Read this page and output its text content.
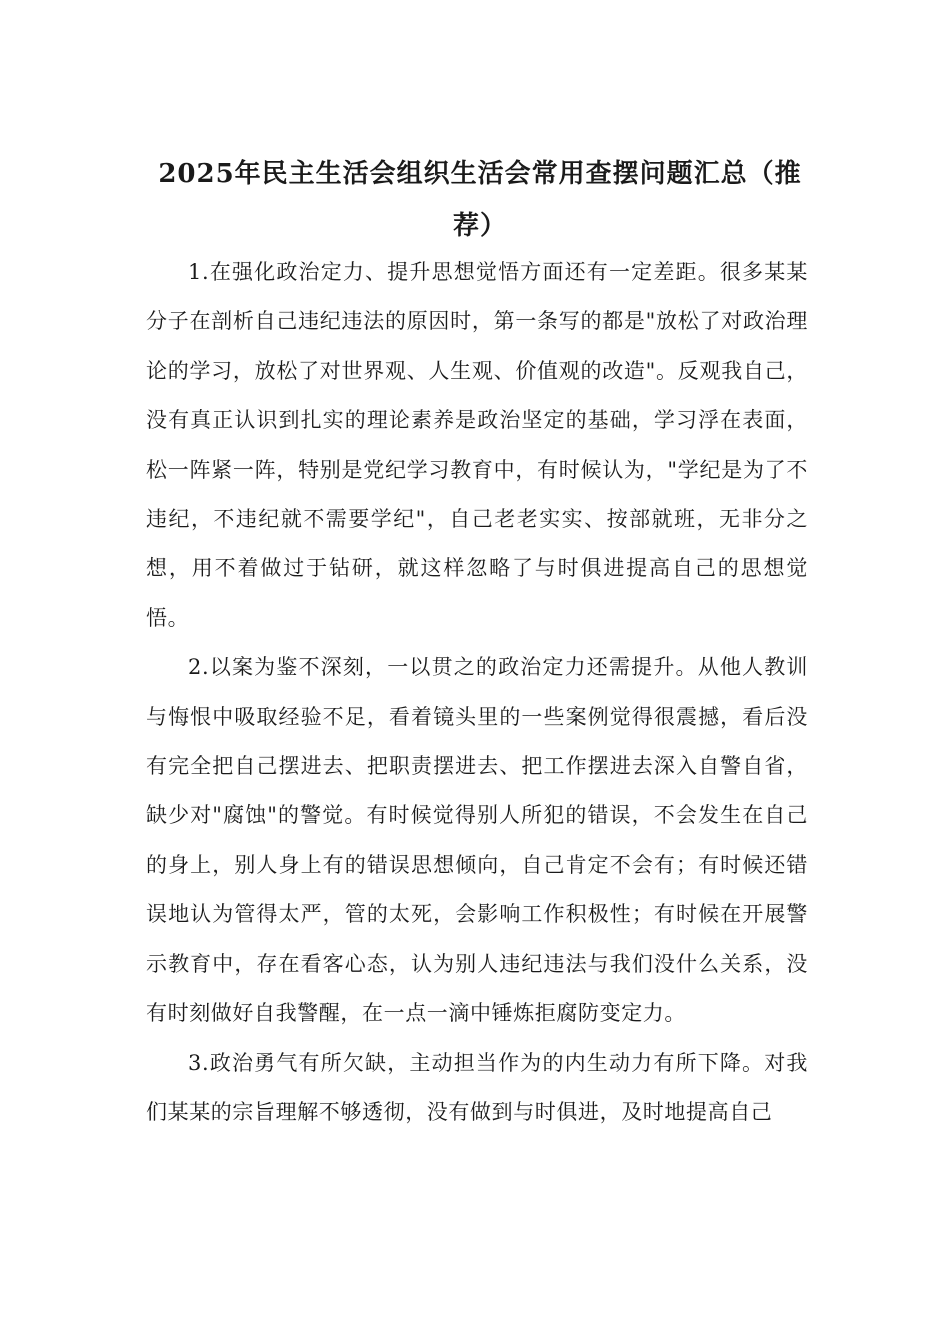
2025年民主生活会组织生活会常用查摆问题汇总（推荐）

1.在强化政治定力、提升思想觉悟方面还有一定差距。很多某某分子在剖析自己违纪违法的原因时，第一条写的都是"放松了对政治理论的学习，放松了对世界观、人生观、价值观的改造"。反观我自己，没有真正认识到扎实的理论素养是政治坚定的基础，学习浮在表面，松一阵紧一阵，特别是党纪学习教育中，有时候认为，"学纪是为了不违纪，不违纪就不需要学纪"，自己老老实实、按部就班，无非分之想，用不着做过于钻研，就这样忽略了与时俱进提高自己的思想觉悟。

2.以案为鉴不深刻，一以贯之的政治定力还需提升。从他人教训与悔恨中吸取经验不足，看着镜头里的一些案例觉得很震撼，看后没有完全把自己摆进去、把职责摆进去、把工作摆进去深入自警自省，缺少对"腐蚀"的警觉。有时候觉得别人所犯的错误，不会发生在自己的身上，别人身上有的错误思想倾向，自己肯定不会有；有时候还错误地认为管得太严，管的太死，会影响工作积极性；有时候在开展警示教育中，存在看客心态，认为别人违纪违法与我们没什么关系，没有时刻做好自我警醒，在一点一滴中锤炼拒腐防变定力。

3.政治勇气有所欠缺，主动担当作为的内生动力有所下降。对我们某某的宗旨理解不够透彻，没有做到与时俱进，及时地提高自己
